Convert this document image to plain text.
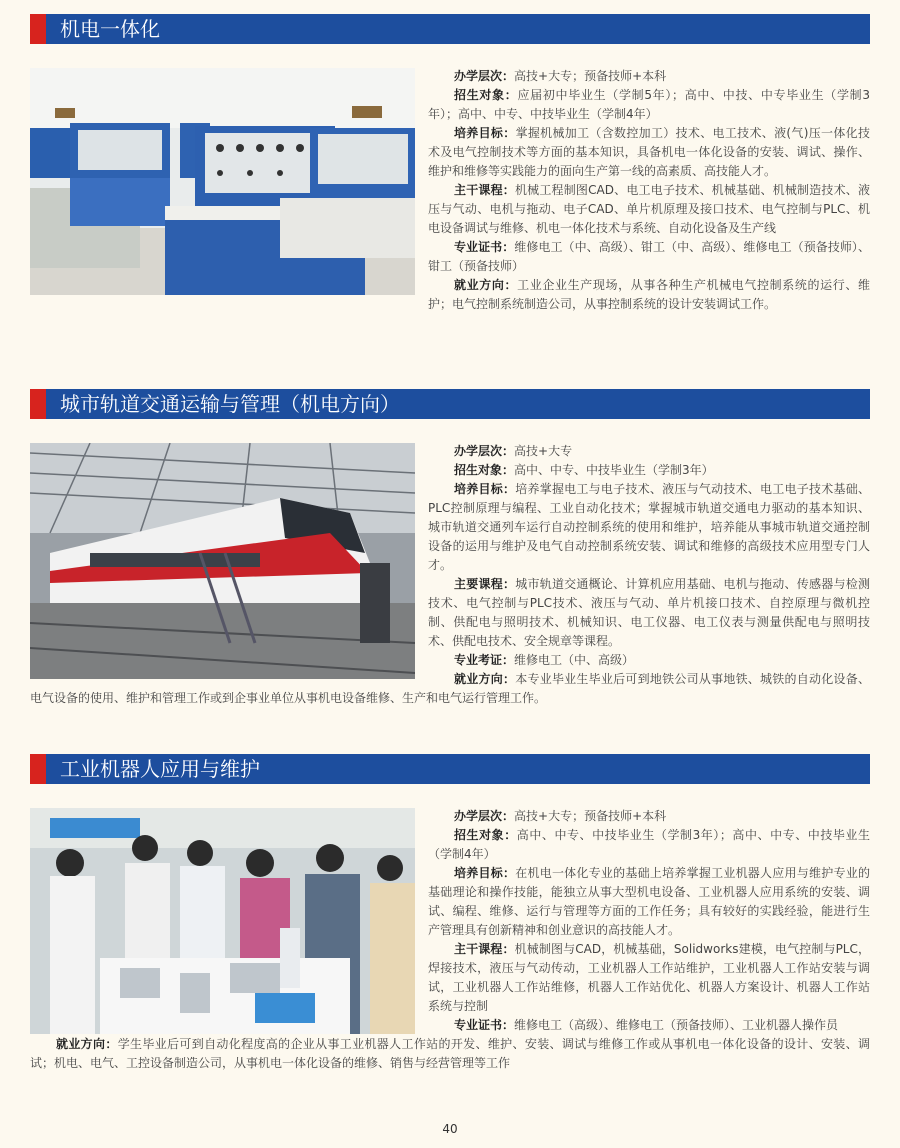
机电一体化
办学层次：高技+大专；预备技师+本科
招生对象：应届初中毕业生（学制5年）；高中、中技、中专毕业生（学制3年）；高中、中专、中技毕业生（学制4年）
培养目标：掌握机械加工（含数控加工）技术、电工技术、液(气)压一体化技术及电气控制技术等方面的基本知识，具备机电一体化设备的安装、调试、操作、维护和维修等实践能力的面向生产第一线的高素质、高技能人才。
主干课程：机械工程制图CAD、电工电子技术、机械基础、机械制造技术、液压与气动、电机与拖动、电子CAD、单片机原理及接口技术、电气控制与PLC、机电设备调试与维修、机电一体化技术与系统、自动化设备及生产线
专业证书：维修电工（中、高级）、钳工（中、高级）、维修电工（预备技师）、钳工（预备技师）
就业方向：工业企业生产现场，从事各种生产机械电气控制系统的运行、维护；电气控制系统制造公司，从事控制系统的设计安装调试工作。
城市轨道交通运输与管理（机电方向）
办学层次：高技+大专
招生对象：高中、中专、中技毕业生（学制3年）
培养目标：培养掌握电工与电子技术、液压与气动技术、电工电子技术基础、PLC控制原理与编程、工业自动化技术；掌握城市轨道交通电力驱动的基本知识、城市轨道交通列车运行自动控制系统的使用和维护，培养能从事城市轨道交通控制设备的运用与维护及电气自动控制系统安装、调试和维修的高级技术应用型专门人才。
主要课程：城市轨道交通概论、计算机应用基础、电机与拖动、传感器与检测技术、电气控制与PLC技术、液压与气动、单片机接口技术、自控原理与微机控制、供配电与照明技术、机械知识、电工仪器、电工仪表与测量供配电与照明技术、供配电技术、安全规章等课程。
专业考证：维修电工（中、高级）
就业方向：本专业毕业生毕业后可到地铁公司从事地铁、城铁的自动化设备、电气设备的使用、维护和管理工作或到企事业单位从事机电设备维修、生产和电气运行管理工作。
工业机器人应用与维护
办学层次：高技+大专；预备技师+本科
招生对象：高中、中专、中技毕业生（学制3年）；高中、中专、中技毕业生（学制4年）
培养目标：在机电一体化专业的基础上培养掌握工业机器人应用与维护专业的基础理论和操作技能，能独立从事大型机电设备、工业机器人应用系统的安装、调试、编程、维修、运行与管理等方面的工作任务；具有较好的实践经验，能进行生产管理具有创新精神和创业意识的高技能人才。
主干课程：机械制图与CAD，机械基础，Solidworks建模，电气控制与PLC，焊接技术，液压与气动传动，工业机器人工作站维护，工业机器人工作站安装与调试，工业机器人工作站维修，机器人工作站优化、机器人方案设计、机器人工作站系统与控制
专业证书：维修电工（高级）、维修电工（预备技师）、工业机器人操作员
就业方向：学生毕业后可到自动化程度高的企业从事工业机器人工作站的开发、维护、安装、调试与维修工作或从事机电一体化设备的设计、安装、调试；机电、电气、工控设备制造公司，从事机电一体化设备的维修、销售与经营管理等工作
40
